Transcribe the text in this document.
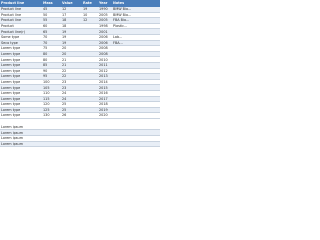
Product line	Mass	Value	Rate	Year	Notes
Product line	45	12	19	1990	BMW Bio...
Product line	50	17	10	2005	BMW Bio...
Product line	55	18	12	2005	FBA Bio...
Product	60	18		1998	Plastic...
Product line(r)	65	19		2001	
Some type	70	19		2006	Lab...
Seco type	70	19		2006	FBA...
Lorem type	75	20		2008	
Lorem type	80	20		2008	
Lorem type	80	21		2010	
Lorem type	85	21		2011	
Lorem type	90	22		2012	
Lorem type	95	22		2013	
Lorem type	100	23		2014	
Lorem type	105	23		2015	
Lorem type	110	24		2016	
Lorem type	115	24		2017	
Lorem type	120	25		2018	
Lorem type	125	25		2019	
Lorem type	130	26		2020	

Lorem ipsum					
Lorem ipsum					
Lorem ipsum					
Lorem ipsum					
